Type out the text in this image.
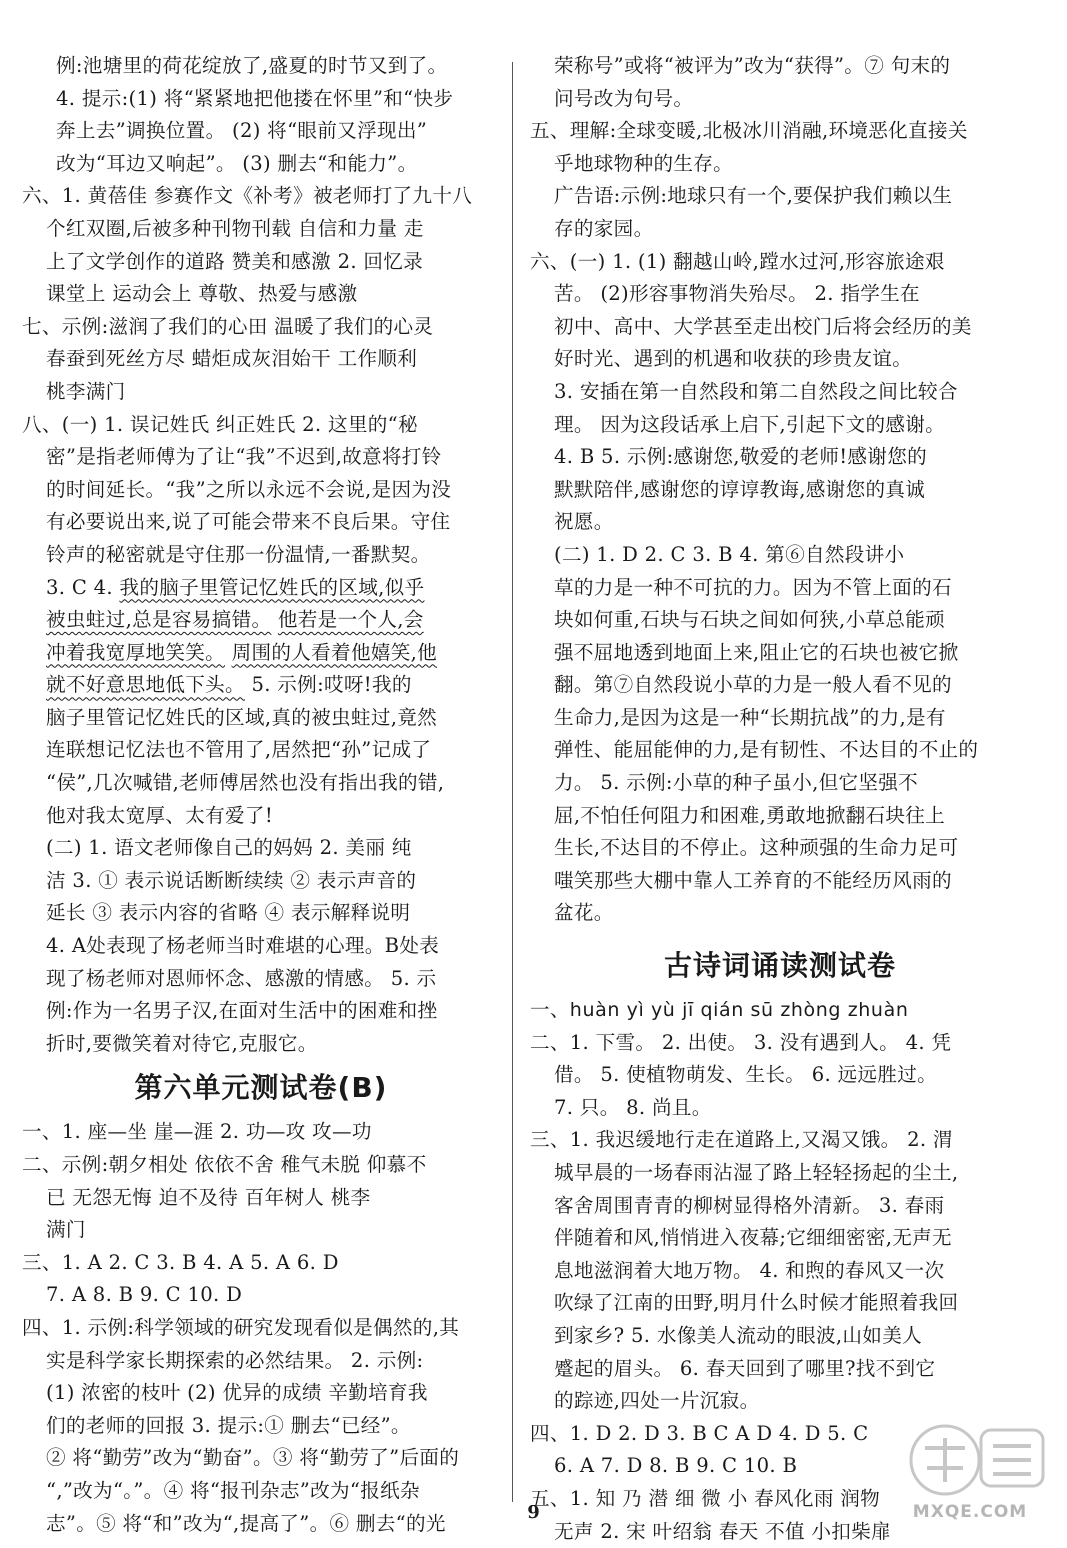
例:池塘里的荷花绽放了,盛夏的时节又到了。
4. 提示:(1) 将“紧紧地把他搂在怀里”和“快步
奔上去”调换位置。 (2) 将“眼前又浮现出”
改为“耳边又响起”。 (3) 删去“和能力”。
六、1. 黄蓓佳 参赛作文《补考》被老师打了九十八
个红双圈,后被多种刊物刊载 自信和力量 走
上了文学创作的道路 赞美和感激 2. 回忆录
课堂上 运动会上 尊敬、热爱与感激
七、示例:滋润了我们的心田 温暖了我们的心灵
春蚕到死丝方尽 蜡炬成灰泪始干 工作顺利
桃李满门
八、(一) 1. 误记姓氏 纠正姓氏 2. 这里的“秘
密”是指老师傅为了让“我”不迟到,故意将打铃
的时间延长。“我”之所以永远不会说,是因为没
有必要说出来,说了可能会带来不良后果。守住
铃声的秘密就是守住那一份温情,一番默契。
3. C 4. 我的脑子里管记忆姓氏的区域,似乎
被虫蛀过,总是容易搞错。 他若是一个人,会
冲着我宽厚地笑笑。 周围的人看着他嬉笑,他
就不好意思地低下头。 5. 示例:哎呀!我的
脑子里管记忆姓氏的区域,真的被虫蛀过,竟然
连联想记忆法也不管用了,居然把“孙”记成了
“侯”,几次喊错,老师傅居然也没有指出我的错,
他对我太宽厚、太有爱了!
(二) 1. 语文老师像自己的妈妈 2. 美丽 纯
洁 3. ① 表示说话断断续续 ② 表示声音的
延长 ③ 表示内容的省略 ④ 表示解释说明
4. A处表现了杨老师当时难堪的心理。B处表
现了杨老师对恩师怀念、感激的情感。 5. 示
例:作为一名男子汉,在面对生活中的困难和挫
折时,要微笑着对待它,克服它。
第六单元测试卷(B)
一、1. 座—坐 崖—涯 2. 功—攻 攻—功
二、示例:朝夕相处 依依不舍 稚气未脱 仰慕不
已 无怨无悔 迫不及待 百年树人 桃李
满门
三、1. A 2. C 3. B 4. A 5. A 6. D
7. A 8. B 9. C 10. D
四、1. 示例:科学领域的研究发现看似是偶然的,其
实是科学家长期探索的必然结果。 2. 示例:
(1) 浓密的枝叶 (2) 优异的成绩 辛勤培育我
们的老师的回报 3. 提示:① 删去“已经”。
② 将“勤劳”改为“勤奋”。③ 将“勤劳了”后面的
“,”改为“。”。④ 将“报刊杂志”改为“报纸杂
志”。⑤ 将“和”改为“,提高了”。⑥ 删去“的光
荣称号”或将“被评为”改为“获得”。⑦ 句末的
问号改为句号。
五、理解:全球变暖,北极冰川消融,环境恶化直接关
乎地球物种的生存。
广告语:示例:地球只有一个,要保护我们赖以生
存的家园。
六、(一) 1. (1) 翻越山岭,蹚水过河,形容旅途艰
苦。 (2)形容事物消失殆尽。 2. 指学生在
初中、高中、大学甚至走出校门后将会经历的美
好时光、遇到的机遇和收获的珍贵友谊。
3. 安插在第一自然段和第二自然段之间比较合
理。 因为这段话承上启下,引起下文的感谢。
4. B 5. 示例:感谢您,敬爱的老师!感谢您的
默默陪伴,感谢您的谆谆教诲,感谢您的真诚
祝愿。
(二) 1. D 2. C 3. B 4. 第⑥自然段讲小
草的力是一种不可抗的力。因为不管上面的石
块如何重,石块与石块之间如何狭,小草总能顽
强不屈地透到地面上来,阻止它的石块也被它掀
翻。第⑦自然段说小草的力是一般人看不见的
生命力,是因为这是一种“长期抗战”的力,是有
弹性、能屈能伸的力,是有韧性、不达目的不止的
力。 5. 示例:小草的种子虽小,但它坚强不
屈,不怕任何阻力和困难,勇敢地掀翻石块往上
生长,不达目的不停止。这种顽强的生命力足可
嗤笑那些大棚中靠人工养育的不能经历风雨的
盆花。
古诗词诵读测试卷
一、huàn yì yù jī qián sū zhòng zhuàn
二、1. 下雪。 2. 出使。 3. 没有遇到人。 4. 凭
借。 5. 使植物萌发、生长。 6. 远远胜过。
7. 只。 8. 尚且。
三、1. 我迟缓地行走在道路上,又渴又饿。 2. 渭
城早晨的一场春雨沾湿了路上轻轻扬起的尘土,
客舍周围青青的柳树显得格外清新。 3. 春雨
伴随着和风,悄悄进入夜幕;它细细密密,无声无
息地滋润着大地万物。 4. 和煦的春风又一次
吹绿了江南的田野,明月什么时候才能照着我回
到家乡? 5. 水像美人流动的眼波,山如美人
蹙起的眉头。 6. 春天回到了哪里?找不到它
的踪迹,四处一片沉寂。
四、1. D 2. D 3. B C A D 4. D 5. C
6. A 7. D 8. B 9. C 10. B
五、1. 知 乃 潜 细 微 小 春风化雨 润物
无声 2. 宋 叶绍翁 春天 不值 小扣柴扉
9	MXQE.COM
